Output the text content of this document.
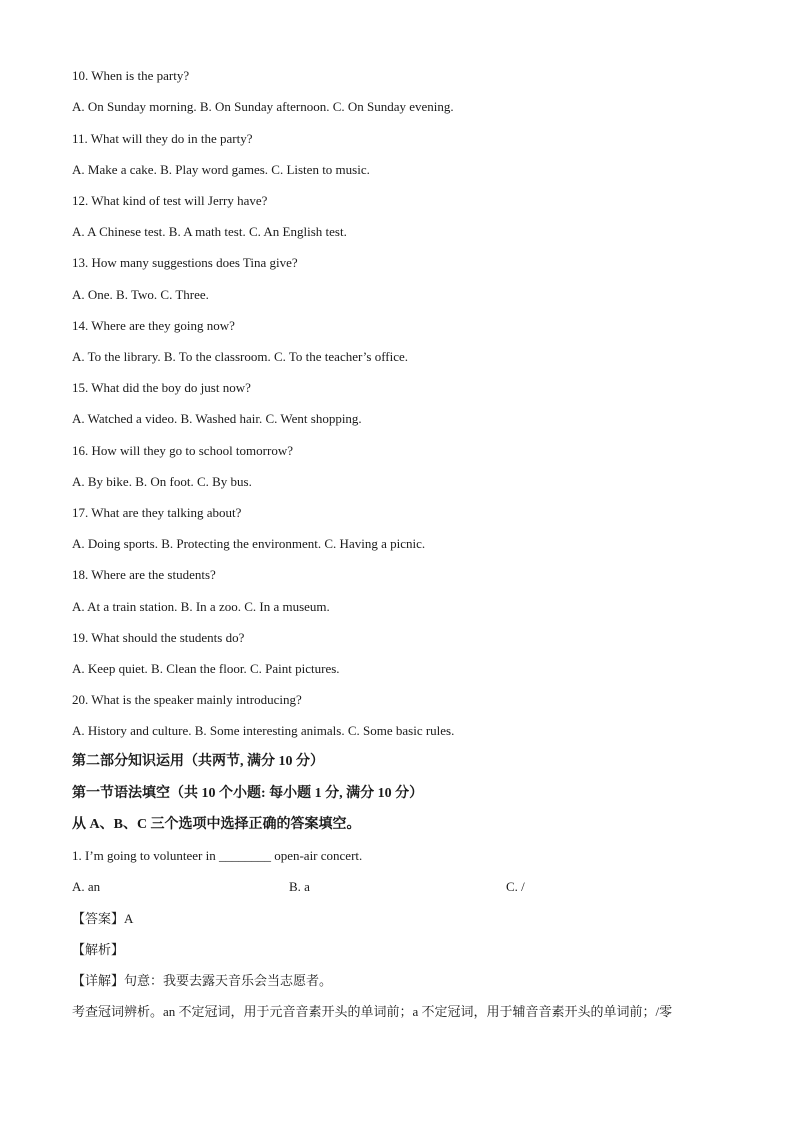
10. When is the party?
A. On Sunday morning. B. On Sunday afternoon. C. On Sunday evening.
11. What will they do in the party?
A. Make a cake. B. Play word games. C. Listen to music.
12. What kind of test will Jerry have?
A. A Chinese test. B. A math test. C. An English test.
13. How many suggestions does Tina give?
A. One. B. Two. C. Three.
14. Where are they going now?
A. To the library. B. To the classroom. C. To the teacher’s office.
15. What did the boy do just now?
A. Watched a video. B. Washed hair. C. Went shopping.
16. How will they go to school tomorrow?
A. By bike. B. On foot. C. By bus.
17. What are they talking about?
A. Doing sports. B. Protecting the environment. C. Having a picnic.
18. Where are the students?
A. At a train station. B. In a zoo. C. In a museum.
19. What should the students do?
A. Keep quiet. B. Clean the floor. C. Paint pictures.
20. What is the speaker mainly introducing?
A. History and culture. B. Some interesting animals. C. Some basic rules.
第二部分知识运用（共两节, 满分 10 分）
第一节语法填空（共 10 个小题: 每小题 1 分, 满分 10 分）
从 A、B、C 三个选项中选择正确的答案填空。
1. I’m going to volunteer in ________ open-air concert.
A. an	B. a	C. /
【答案】A
【解析】
【详解】句意：我要去露天音乐会当志愿者。
考查冠词辨析。an 不定冠词，用于元音音素开头的单词前；a 不定冠词，用于辅音音素开头的单词前；/零
